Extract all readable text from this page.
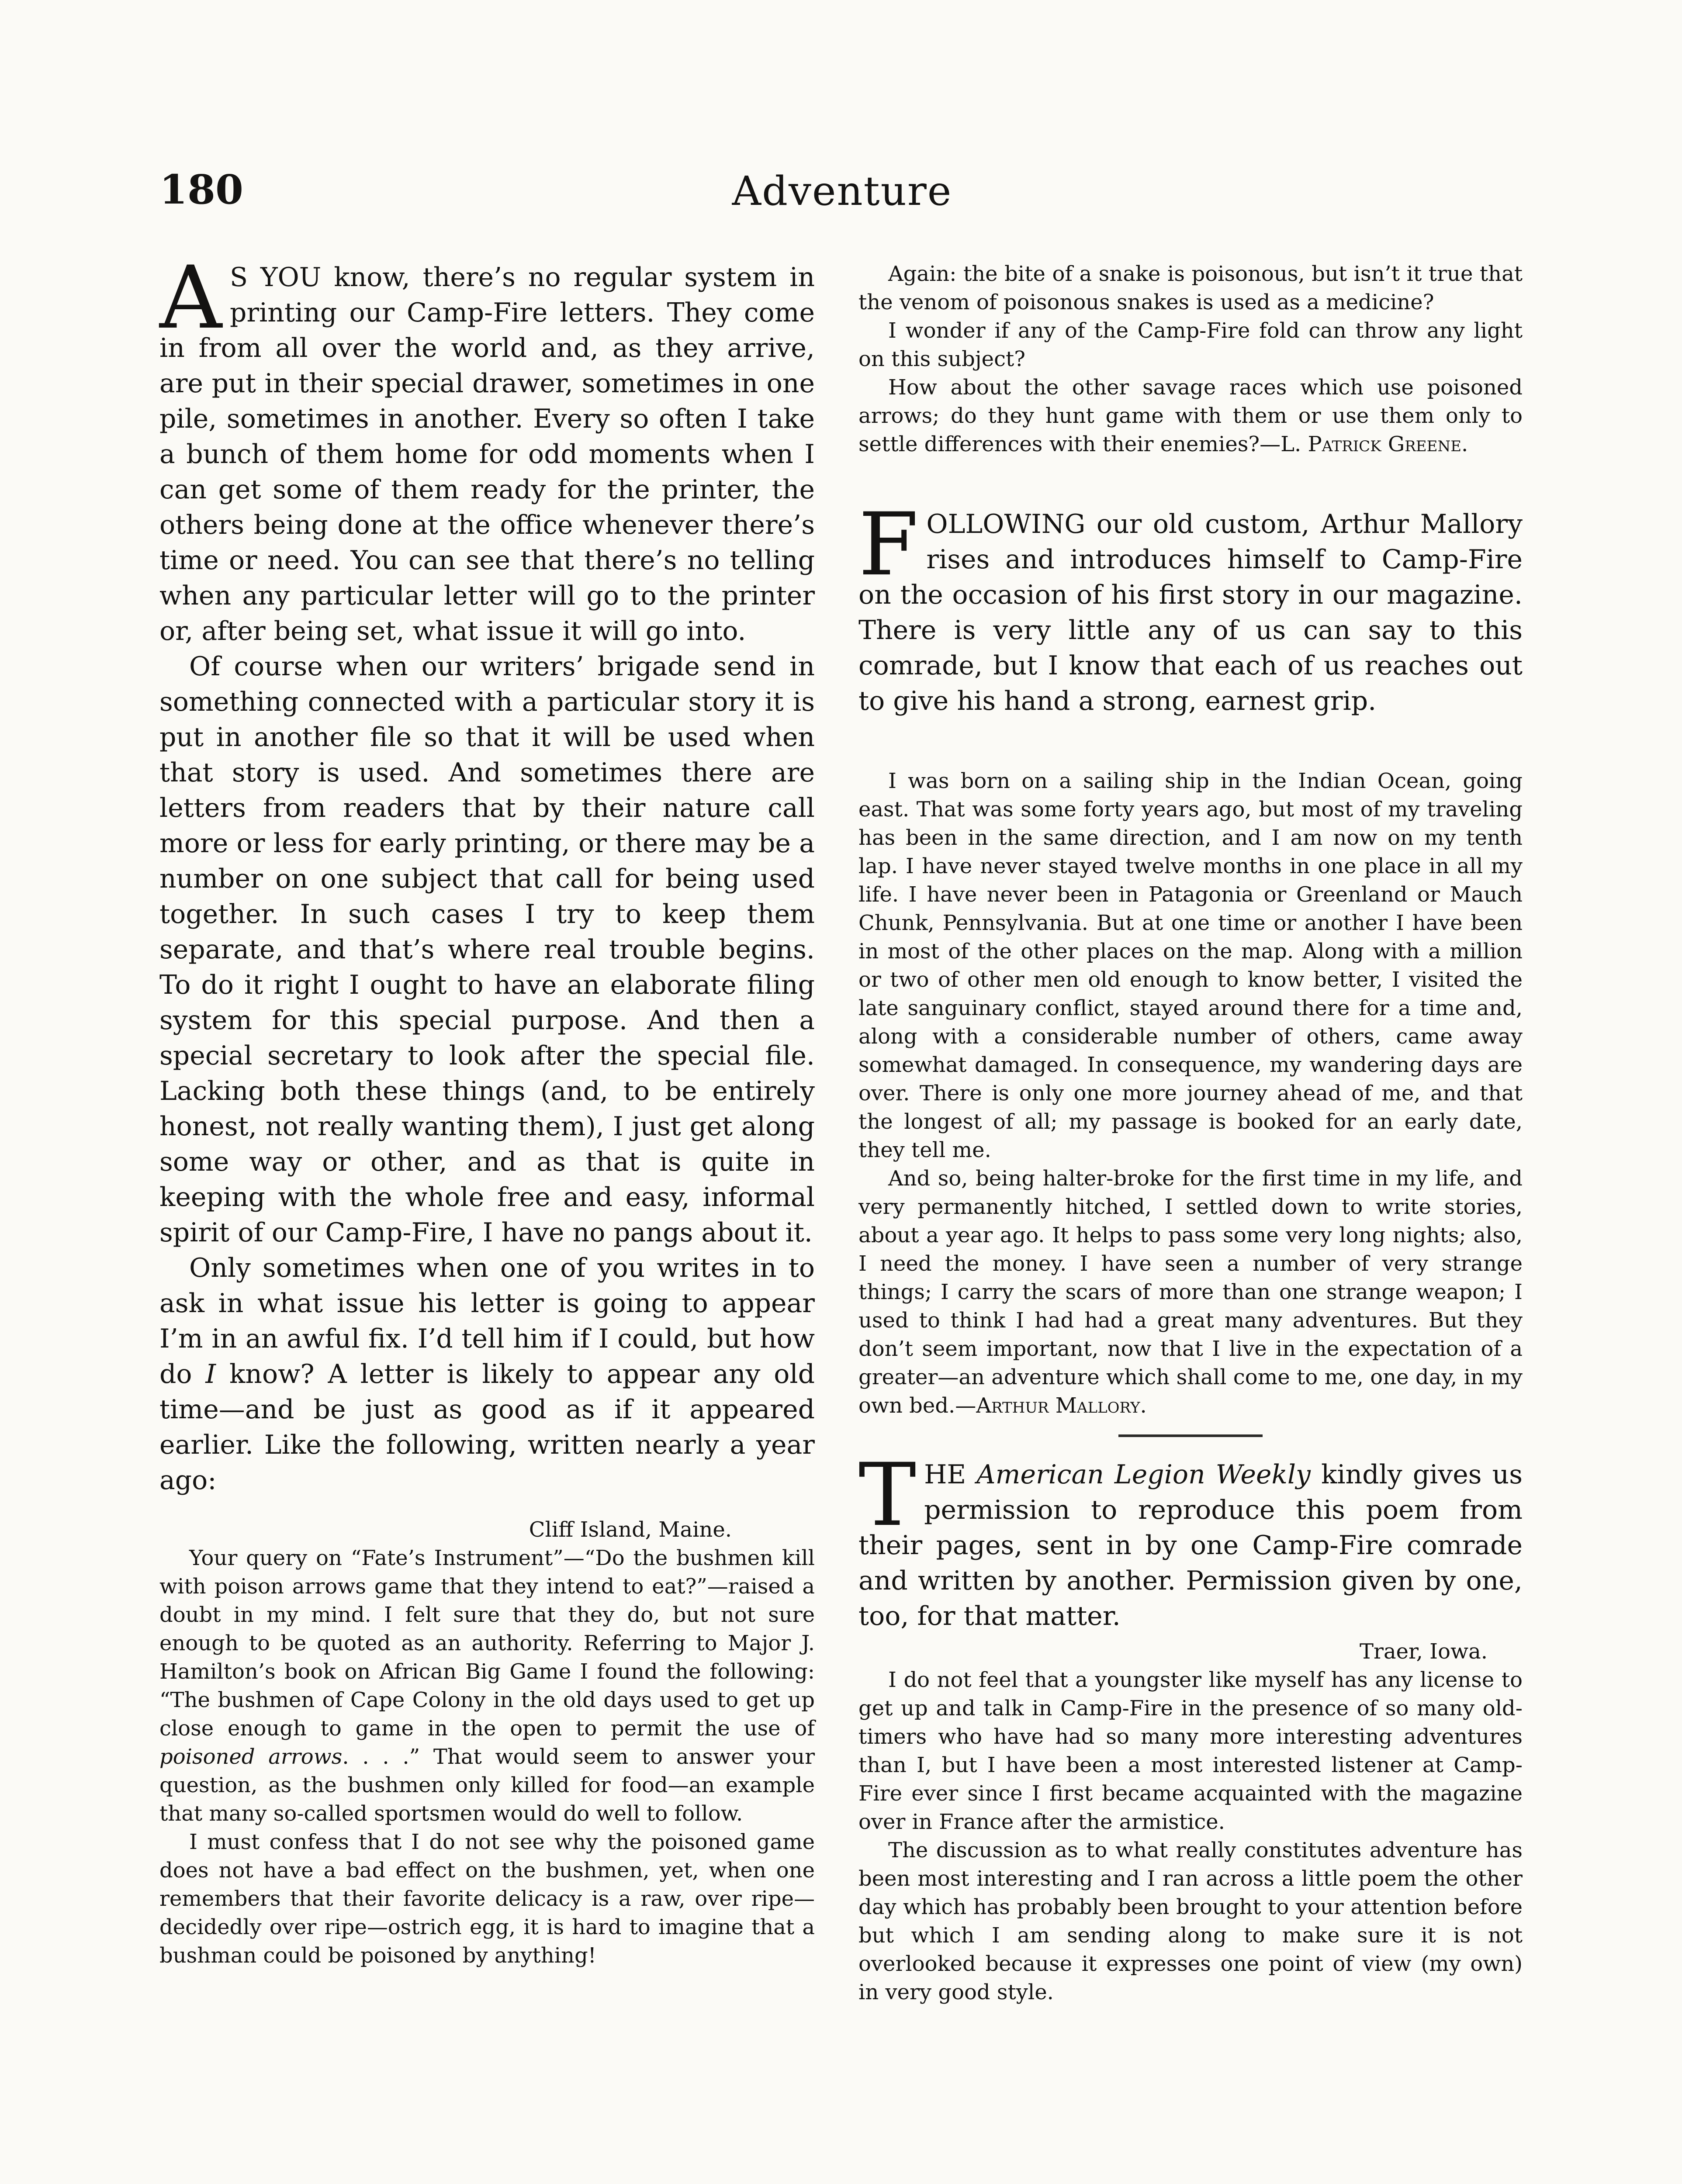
180	Adventure

A S YOU know, there’s no regular system in printing our Camp-Fire letters. They come in from all over the world and, as they arrive, are put in their special drawer, sometimes in one pile, sometimes in another. Every so often I take a bunch of them home for odd moments when I can get some of them ready for the printer, the others being done at the office whenever there’s time or need. You can see that there’s no telling when any particular letter will go to the printer or, after being set, what issue it will go into.

Of course when our writers’ brigade send in something connected with a particular story it is put in another file so that it will be used when that story is used. And sometimes there are letters from readers that by their nature call more or less for early printing, or there may be a number on one subject that call for being used together. In such cases I try to keep them separate, and that’s where real trouble begins. To do it right I ought to have an elaborate filing system for this special purpose. And then a special secretary to look after the special file. Lacking both these things (and, to be entirely honest, not really wanting them), I just get along some way or other, and as that is quite in keeping with the whole free and easy, informal spirit of our Camp-Fire, I have no pangs about it.

Only sometimes when one of you writes in to ask in what issue his letter is going to appear I’m in an awful fix. I’d tell him if I could, but how do I know? A letter is likely to appear any old time—and be just as good as if it appeared earlier. Like the following, written nearly a year ago:

Cliff Island, Maine.

Your query on “Fate’s Instrument”—“Do the bushmen kill with poison arrows game that they intend to eat?”—raised a doubt in my mind. I felt sure that they do, but not sure enough to be quoted as an authority. Referring to Major J. Hamilton’s book on African Big Game I found the following: “The bushmen of Cape Colony in the old days used to get up close enough to game in the open to permit the use of poisoned arrows. . . .” That would seem to answer your question, as the bushmen only killed for food—an example that many so-called sportsmen would do well to follow.

I must confess that I do not see why the poisoned game does not have a bad effect on the bushmen, yet, when one remembers that their favorite delicacy is a raw, over ripe—decidedly over ripe—ostrich egg, it is hard to imagine that a bushman could be poisoned by anything!

Again: the bite of a snake is poisonous, but isn’t it true that the venom of poisonous snakes is used as a medicine?

I wonder if any of the Camp-Fire fold can throw any light on this subject?

How about the other savage races which use poisoned arrows; do they hunt game with them or use them only to settle differences with their enemies?—L. Patrick Greene.

FOLLOWING our old custom, Arthur Mallory rises and introduces himself to Camp-Fire on the occasion of his first story in our magazine. There is very little any of us can say to this comrade, but I know that each of us reaches out to give his hand a strong, earnest grip.

I was born on a sailing ship in the Indian Ocean, going east. That was some forty years ago, but most of my traveling has been in the same direction, and I am now on my tenth lap. I have never stayed twelve months in one place in all my life. I have never been in Patagonia or Greenland or Mauch Chunk, Pennsylvania. But at one time or another I have been in most of the other places on the map. Along with a million or two of other men old enough to know better, I visited the late sanguinary conflict, stayed around there for a time and, along with a considerable number of others, came away somewhat damaged. In consequence, my wandering days are over. There is only one more journey ahead of me, and that the longest of all; my passage is booked for an early date, they tell me.

And so, being halter-broke for the first time in my life, and very permanently hitched, I settled down to write stories, about a year ago. It helps to pass some very long nights; also, I need the money. I have seen a number of very strange things; I carry the scars of more than one strange weapon; I used to think I had had a great many adventures. But they don’t seem important, now that I live in the expectation of a greater—an adventure which shall come to me, one day, in my own bed.—Arthur Mallory.

THE American Legion Weekly kindly gives us permission to reproduce this poem from their pages, sent in by one Camp-Fire comrade and written by another. Permission given by one, too, for that matter.

Traer, Iowa.

I do not feel that a youngster like myself has any license to get up and talk in Camp-Fire in the presence of so many old-timers who have had so many more interesting adventures than I, but I have been a most interested listener at Camp-Fire ever since I first became acquainted with the magazine over in France after the armistice.

The discussion as to what really constitutes adventure has been most interesting and I ran across a little poem the other day which has probably been brought to your attention before but which I am sending along to make sure it is not overlooked because it expresses one point of view (my own) in very good style.
